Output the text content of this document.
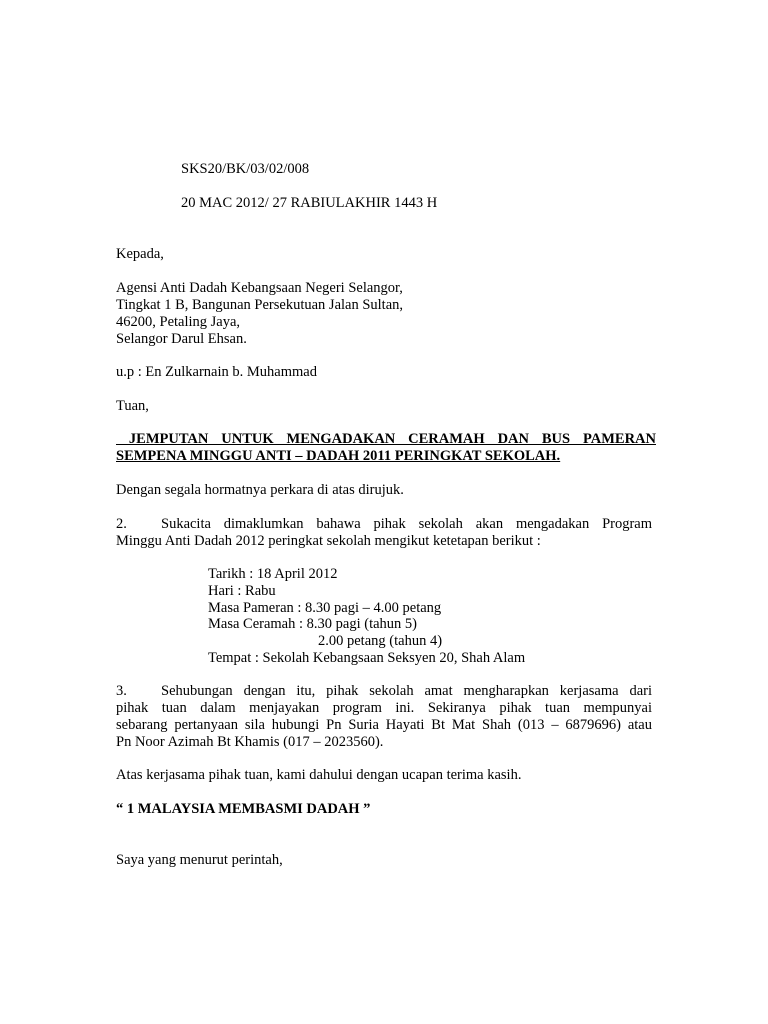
SKS20/BK/03/02/008
20 MAC 2012/ 27 RABIULAKHIR 1443 H
Kepada,
Agensi Anti Dadah Kebangsaan Negeri Selangor,
Tingkat 1 B, Bangunan Persekutuan Jalan Sultan,
46200, Petaling Jaya,
Selangor Darul Ehsan.
u.p : En Zulkarnain b. Muhammad
Tuan,
JEMPUTAN UNTUK MENGADAKAN CERAMAH DAN BUS PAMERAN
SEMPENA MINGGU ANTI – DADAH 2011 PERINGKAT SEKOLAH.
Dengan segala hormatnya perkara di atas dirujuk.
2. Sukacita dimaklumkan bahawa pihak sekolah akan mengadakan Program
Minggu Anti Dadah 2012 peringkat sekolah mengikut ketetapan berikut :
Tarikh : 18 April 2012
Hari : Rabu
Masa Pameran : 8.30 pagi – 4.00 petang
Masa Ceramah : 8.30 pagi (tahun 5)
2.00 petang (tahun 4)
Tempat : Sekolah Kebangsaan Seksyen 20, Shah Alam
3. Sehubungan dengan itu, pihak sekolah amat mengharapkan kerjasama dari
pihak tuan dalam menjayakan program ini. Sekiranya pihak tuan mempunyai
sebarang pertanyaan sila hubungi Pn Suria Hayati Bt Mat Shah (013 – 6879696) atau
Pn Noor Azimah Bt Khamis (017 – 2023560).
Atas kerjasama pihak tuan, kami dahului dengan ucapan terima kasih.
“ 1 MALAYSIA MEMBASMI DADAH ”
Saya yang menurut perintah,
